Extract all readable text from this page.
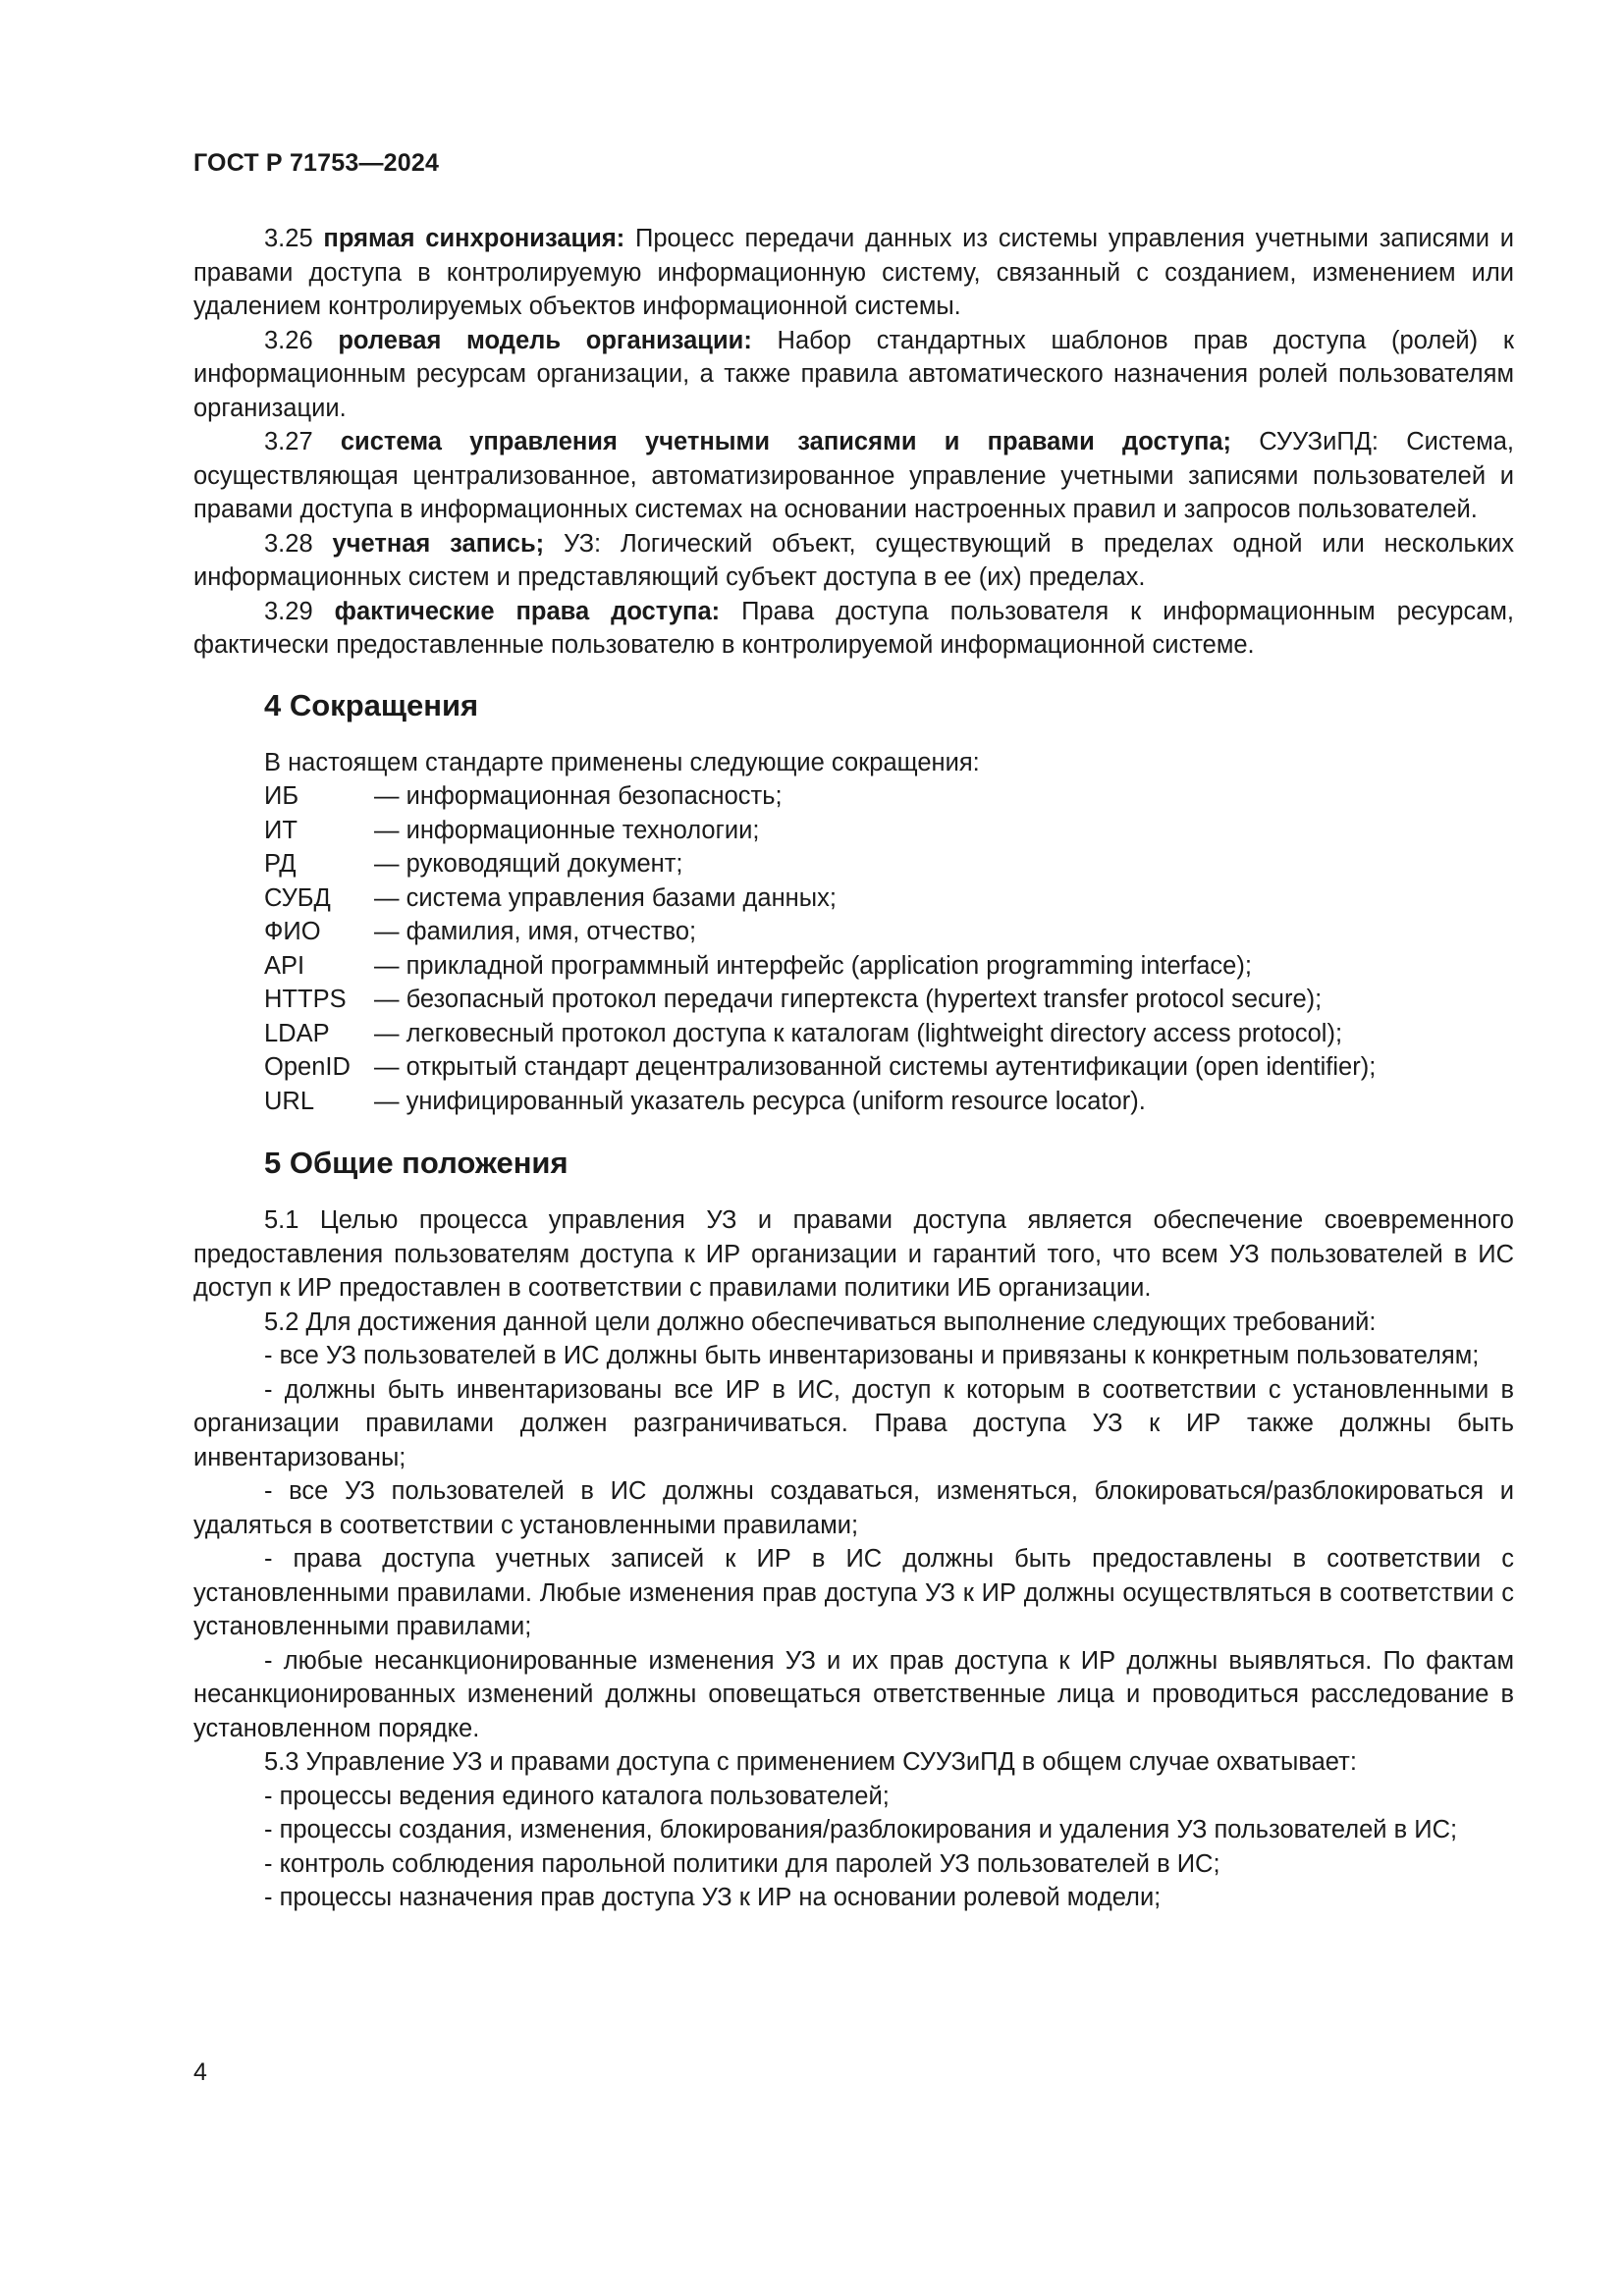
ГОСТ Р 71753—2024

3.25 прямая синхронизация: Процесс передачи данных из системы управления учетными записями и правами доступа в контролируемую информационную систему, связанный с созданием, изменением или удалением контролируемых объектов информационной системы.

3.26 ролевая модель организации: Набор стандартных шаблонов прав доступа (ролей) к информационным ресурсам организации, а также правила автоматического назначения ролей пользователям организации.

3.27 система управления учетными записями и правами доступа; СУУЗиПД: Система, осуществляющая централизованное, автоматизированное управление учетными записями пользователей и правами доступа в информационных системах на основании настроенных правил и запросов пользователей.

3.28 учетная запись; УЗ: Логический объект, существующий в пределах одной или нескольких информационных систем и представляющий субъект доступа в ее (их) пределах.

3.29 фактические права доступа: Права доступа пользователя к информационным ресурсам, фактически предоставленные пользователю в контролируемой информационной системе.

4 Сокращения

В настоящем стандарте применены следующие сокращения:

ИБ	— информационная безопасность;
ИТ	— информационные технологии;
РД	— руководящий документ;
СУБД	— система управления базами данных;
ФИО	— фамилия, имя, отчество;
API	— прикладной программный интерфейс (application programming interface);
HTTPS	— безопасный протокол передачи гипертекста (hypertext transfer protocol secure);
LDAP	— легковесный протокол доступа к каталогам (lightweight directory access protocol);
OpenID — открытый стандарт децентрализованной системы аутентификации (open identifier);
URL	— унифицированный указатель ресурса (uniform resource locator).
5 Общие положения

5.1 Целью процесса управления УЗ и правами доступа является обеспечение своевременного предоставления пользователям доступа к ИР организации и гарантий того, что всем УЗ пользователей в ИС доступ к ИР предоставлен в соответствии с правилами политики ИБ организации.

5.2 Для достижения данной цели должно обеспечиваться выполнение следующих требований:

- все УЗ пользователей в ИС должны быть инвентаризованы и привязаны к конкретным пользователям;

- должны быть инвентаризованы все ИР в ИС, доступ к которым в соответствии с установленными в организации правилами должен разграничиваться. Права доступа УЗ к ИР также должны быть инвентаризованы;

- все УЗ пользователей в ИС должны создаваться, изменяться, блокироваться/разблокироваться и удаляться в соответствии с установленными правилами;

- права доступа учетных записей к ИР в ИС должны быть предоставлены в соответствии с установленными правилами. Любые изменения прав доступа УЗ к ИР должны осуществляться в соответствии с установленными правилами;

- любые несанкционированные изменения УЗ и их прав доступа к ИР должны выявляться. По фактам несанкционированных изменений должны оповещаться ответственные лица и проводиться расследование в установленном порядке.

5.3 Управление УЗ и правами доступа с применением СУУЗиПД в общем случае охватывает:

- процессы ведения единого каталога пользователей;

- процессы создания, изменения, блокирования/разблокирования и удаления УЗ пользователей в ИС;

- контроль соблюдения парольной политики для паролей УЗ пользователей в ИС;

- процессы назначения прав доступа УЗ к ИР на основании ролевой модели;

4
